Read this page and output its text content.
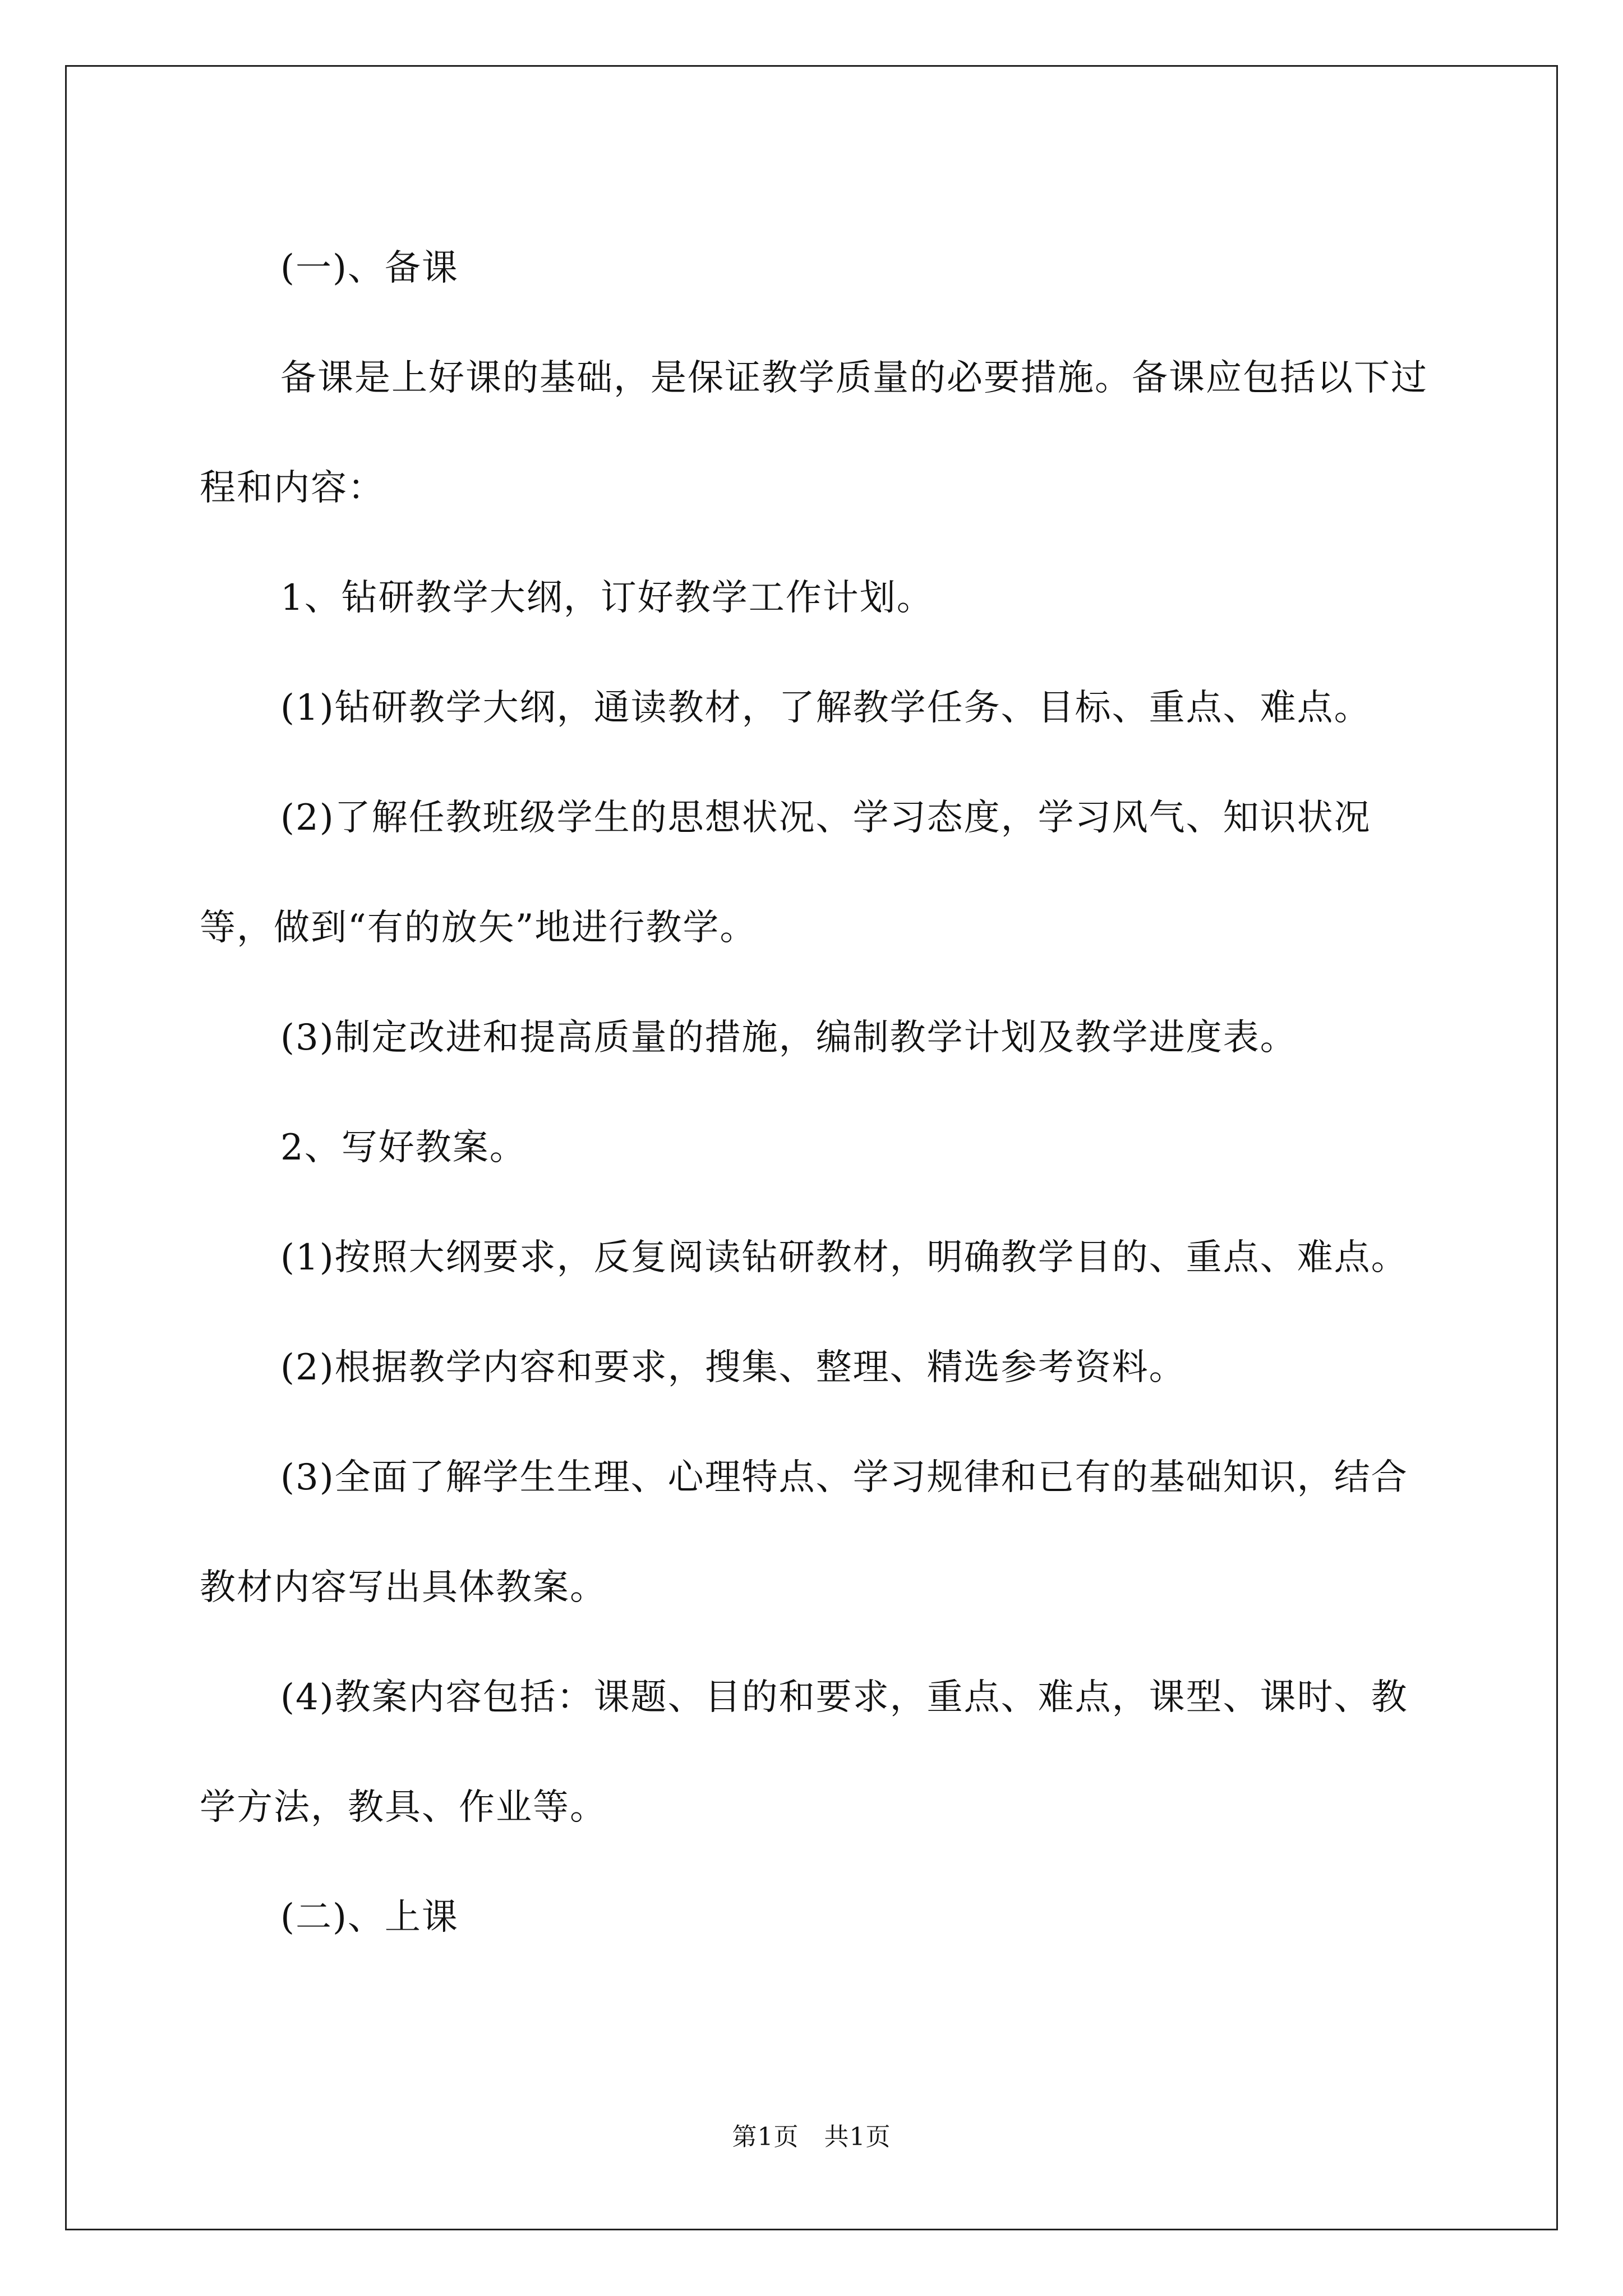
(一)、备课

备课是上好课的基础，是保证教学质量的必要措施。备课应包括以下过程和内容：

1、钻研教学大纲，订好教学工作计划。

(1)钻研教学大纲，通读教材，了解教学任务、目标、重点、难点。

(2)了解任教班级学生的思想状况、学习态度，学习风气、知识状况等，做到“有的放矢”地进行教学。

(3)制定改进和提高质量的措施，编制教学计划及教学进度表。

2、写好教案。

(1)按照大纲要求，反复阅读钻研教材，明确教学目的、重点、难点。

(2)根据教学内容和要求，搜集、整理、精选参考资料。

(3)全面了解学生生理、心理特点、学习规律和已有的基础知识，结合教材内容写出具体教案。

(4)教案内容包括：课题、目的和要求，重点、难点，课型、课时、教学方法，教具、作业等。

(二)、上课

第1页　共1页
